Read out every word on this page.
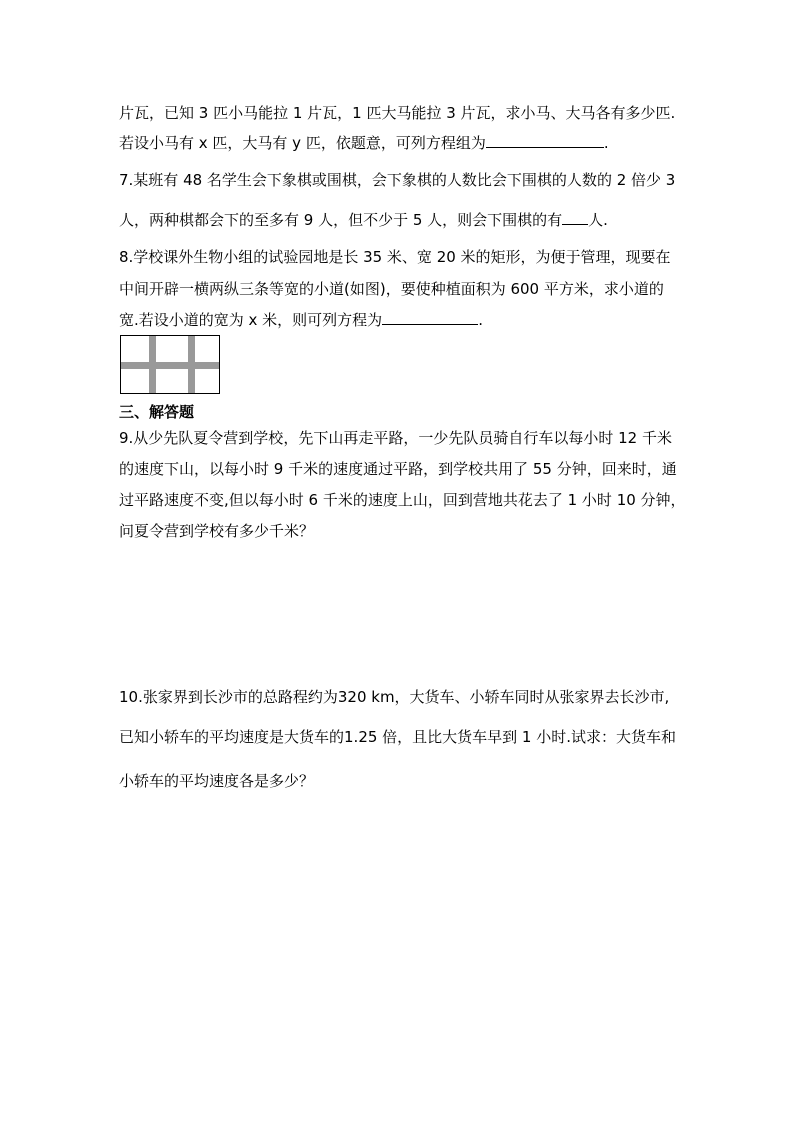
片瓦，已知 3 匹小马能拉 1 片瓦，1 匹大马能拉 3 片瓦，求小马、大马各有多少匹.
若设小马有 x 匹，大马有 y 匹，依题意，可列方程组为	.
7.某班有 48 名学生会下象棋或围棋，会下象棋的人数比会下围棋的人数的 2 倍少 3
人，两种棋都会下的至多有 9 人，但不少于 5 人，则会下围棋的有 人.
8.学校课外生物小组的试验园地是长 35 米、宽 20 米的矩形，为便于管理，现要在
中间开辟一横两纵三条等宽的小道(如图)，要使种植面积为 600 平方米，求小道的
宽.若设小道的宽为 x 米，则可列方程为	.
三、解答题
9.从少先队夏令营到学校，先下山再走平路，一少先队员骑自行车以每小时 12 千米
的速度下山，以每小时 9 千米的速度通过平路，到学校共用了 55 分钟，回来时，通
过平路速度不变,但以每小时 6 千米的速度上山，回到营地共花去了 1 小时 10 分钟，
问夏令营到学校有多少千米？
10.张家界到长沙市的总路程约为320 km，大货车、小轿车同时从张家界去长沙市,
已知小轿车的平均速度是大货车的1.25 倍，且比大货车早到 1 小时.试求：大货车和
小轿车的平均速度各是多少？
